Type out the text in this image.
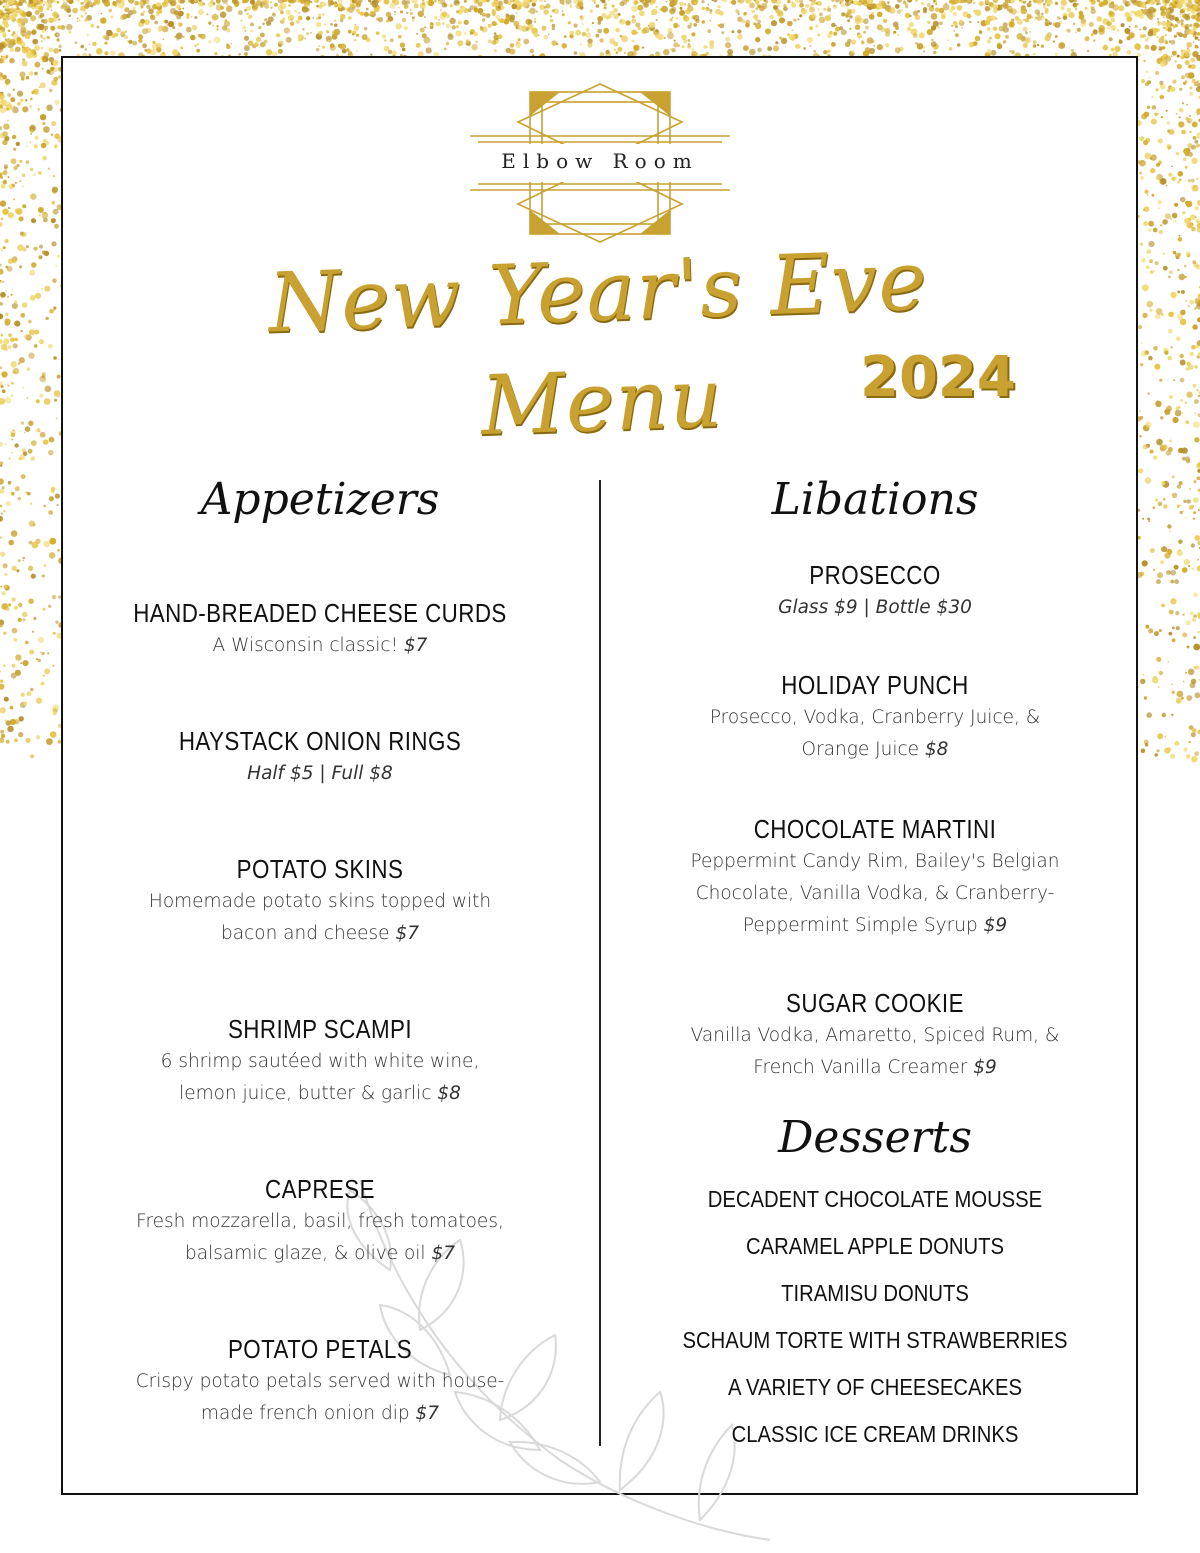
Elbow Room
New Year's Eve Menu	2024
Appetizers
HAND-BREADED CHEESE CURDS
A Wisconsin classic! $7
HAYSTACK ONION RINGS
Half $5 | Full $8
POTATO SKINS
Homemade potato skins topped with bacon and cheese $7
SHRIMP SCAMPI
6 shrimp sautéed with white wine, lemon juice, butter & garlic $8
CAPRESE
Fresh mozzarella, basil, fresh tomatoes, balsamic glaze, & olive oil $7
POTATO PETALS
Crispy potato petals served with house-made french onion dip $7
Libations
PROSECCO
Glass $9 | Bottle $30
HOLIDAY PUNCH
Prosecco, Vodka, Cranberry Juice, & Orange Juice $8
CHOCOLATE MARTINI
Peppermint Candy Rim, Bailey's Belgian Chocolate, Vanilla Vodka, & Cranberry-Peppermint Simple Syrup $9
SUGAR COOKIE
Vanilla Vodka, Amaretto, Spiced Rum, & French Vanilla Creamer $9
Desserts
DECADENT CHOCOLATE MOUSSE
CARAMEL APPLE DONUTS
TIRAMISU DONUTS
SCHAUM TORTE WITH STRAWBERRIES
A VARIETY OF CHEESECAKES
CLASSIC ICE CREAM DRINKS
